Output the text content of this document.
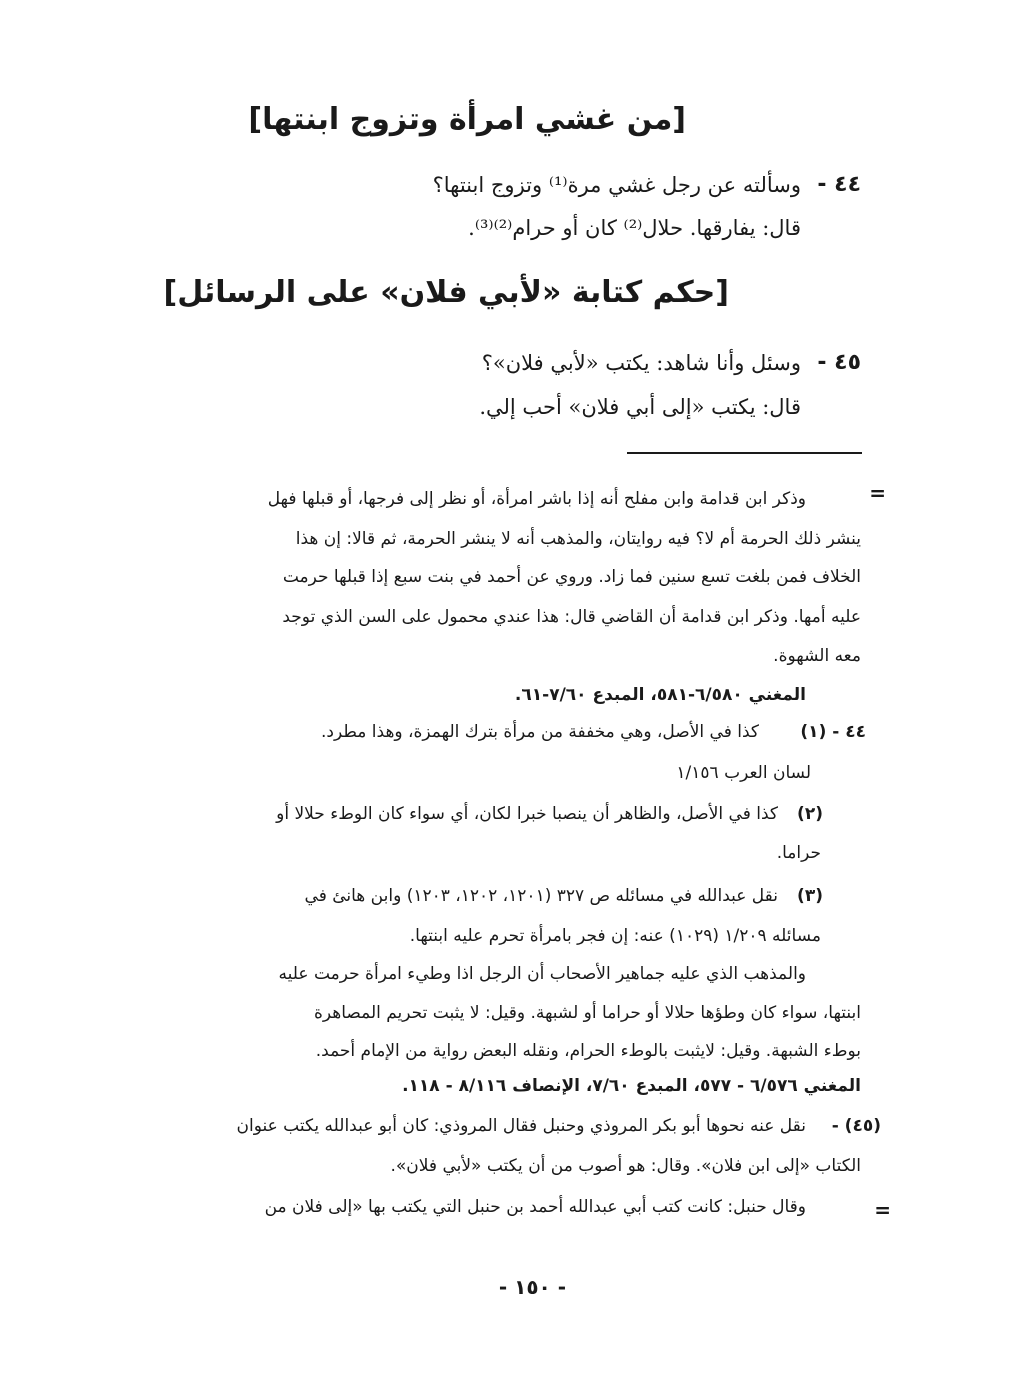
[من غشي امرأة وتزوج ابنتها]
٤٤ -
وسألته عن رجل غشي مرة⁽¹⁾ وتزوج ابنتها؟
قال: يفارقها. حلال⁽²⁾ كان أو حرام⁽²⁾⁽³⁾.
[حكم كتابة «لأبي فلان» على الرسائل]
٤٥ -
وسئل وأنا شاهد: يكتب «لأبي فلان»؟
قال: يكتب «إلى أبي فلان» أحب إلي.
=
وذكر ابن قدامة وابن مفلح أنه إذا باشر امرأة، أو نظر إلى فرجها، أو قبلها فهل
ينشر ذلك الحرمة أم لا؟ فيه روايتان، والمذهب أنه لا ينشر الحرمة، ثم قالا: إن هذا
الخلاف فمن بلغت تسع سنين فما زاد. وروي عن أحمد في بنت سبع إذا قبلها حرمت
عليه أمها. وذكر ابن قدامة أن القاضي قال: هذا عندي محمول على السن الذي توجد
معه الشهوة.
المغني ٦/٥٨٠-٥٨١، المبدع ٧/٦٠-٦١.
٤٤ - (١)
كذا في الأصل، وهي مخففة من مرأة بترك الهمزة، وهذا مطرد.
لسان العرب ١/١٥٦
(٢)
كذا في الأصل، والظاهر أن ينصبا خبرا لكان، أي سواء كان الوطء حلالا أو
حراما.
(٣)
نقل عبدالله في مسائله ص ٣٢٧ (١٢٠١، ١٢٠٢، ١٢٠٣) وابن هانئ في
مسائله ١/٢٠٩ (١٠٢٩) عنه: إن فجر بامرأة تحرم عليه ابنتها.
والمذهب الذي عليه جماهير الأصحاب أن الرجل اذا وطيء امرأة حرمت عليه
ابنتها، سواء كان وطؤها حلالا أو حراما أو لشبهة. وقيل: لا يثبت تحريم المصاهرة
بوطء الشبهة. وقيل: لايثبت بالوطء الحرام، ونقله البعض رواية من الإمام أحمد.
المغني ٦/٥٧٦ - ٥٧٧، المبدع ٧/٦٠، الإنصاف ٨/١١٦ - ١١٨.
(٤٥) -
نقل عنه نحوها أبو بكر المروذي وحنبل فقال المروذي: كان أبو عبدالله يكتب عنوان
الكتاب «إلى ابن فلان». وقال: هو أصوب من أن يكتب «لأبي فلان».
وقال حنبل: كانت كتب أبي عبدالله أحمد بن حنبل التي يكتب بها «إلى فلان من	=
- ١٥٠ -
